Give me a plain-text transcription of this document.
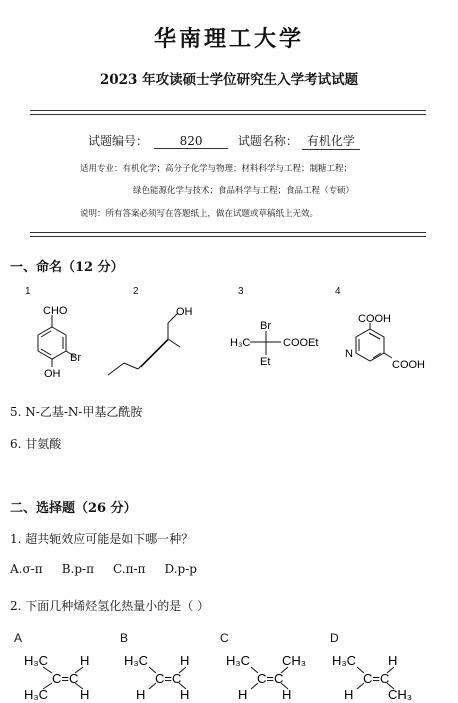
华南理工大学
2023 年攻读硕士学位研究生入学考试试题
试题编号：	820	试题名称： 有机化学
适用专业：有机化学；高分子化学与物理；材料科学与工程；制糖工程；
绿色能源化学与技术；食品科学与工程；食品工程（专硕）
说明：所有答案必须写在答题纸上，做在试题或草稿纸上无效。
一、命名（12 分）
1	2	3	4
CHO
Br
OH
OH
Br
H₃C	COOEt
Et
COOH
N
COOH
5. N-乙基-N-甲基乙酰胺
6. 甘氨酸
二、选择题（26 分）
1. 超共轭效应可能是如下哪一种？
A.σ-π B.p-π C.π-π D.p-p
2. 下面几种烯烃氢化热量小的是（ ）
A	B	C	D
H₃C H
C=C
H₃C H
H₃C H
C=C
H	H
H₃C CH₃
C=C
H	H
H₃C H
C=C
H	CH₃
